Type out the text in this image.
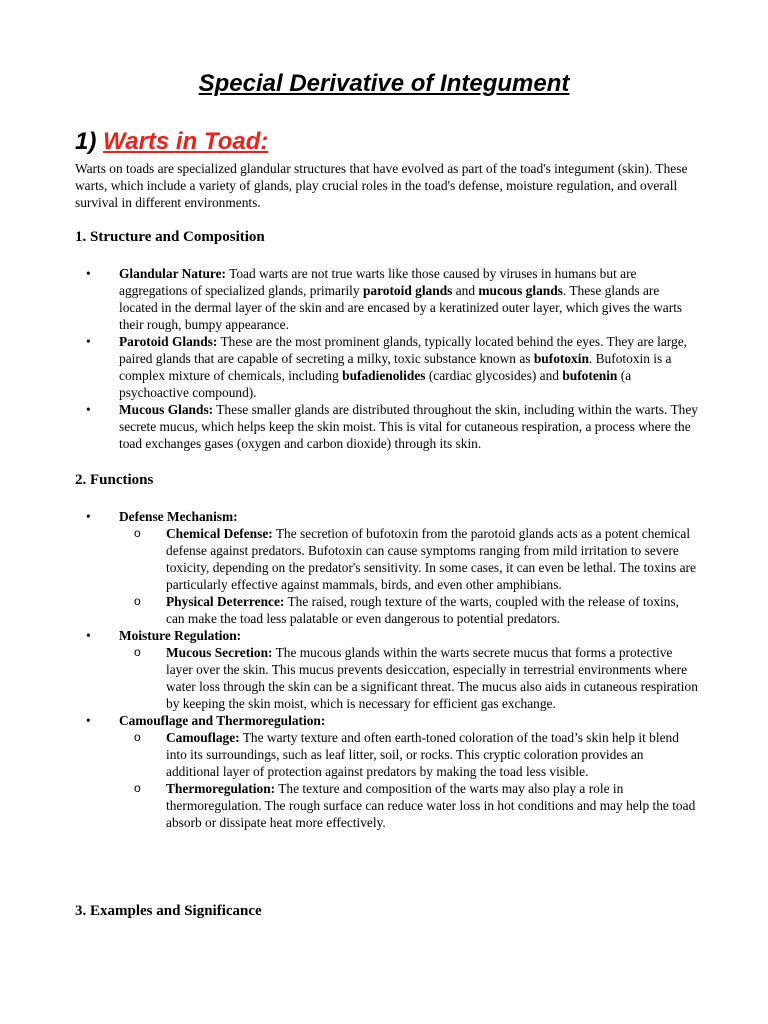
Special Derivative of Integument
1) Warts in Toad:

Warts on toads are specialized glandular structures that have evolved as part of the toad's integument (skin). These warts, which include a variety of glands, play crucial roles in the toad's defense, moisture regulation, and overall survival in different environments.

1. Structure and Composition
• Glandular Nature: Toad warts are not true warts like those caused by viruses in humans but are aggregations of specialized glands, primarily parotoid glands and mucous glands. These glands are located in the dermal layer of the skin and are encased by a keratinized outer layer, which gives the warts their rough, bumpy appearance.
• Parotoid Glands: These are the most prominent glands, typically located behind the eyes. They are large, paired glands that are capable of secreting a milky, toxic substance known as bufotoxin. Bufotoxin is a complex mixture of chemicals, including bufadienolides (cardiac glycosides) and bufotenin (a psychoactive compound).
• Mucous Glands: These smaller glands are distributed throughout the skin, including within the warts. They secrete mucus, which helps keep the skin moist. This is vital for cutaneous respiration, a process where the toad exchanges gases (oxygen and carbon dioxide) through its skin.
2. Functions
• Defense Mechanism:
o Chemical Defense: The secretion of bufotoxin from the parotoid glands acts as a potent chemical defense against predators. Bufotoxin can cause symptoms ranging from mild irritation to severe toxicity, depending on the predator's sensitivity. In some cases, it can even be lethal. The toxins are particularly effective against mammals, birds, and even other amphibians.
o Physical Deterrence: The raised, rough texture of the warts, coupled with the release of toxins, can make the toad less palatable or even dangerous to potential predators.
• Moisture Regulation:
o Mucous Secretion: The mucous glands within the warts secrete mucus that forms a protective layer over the skin. This mucus prevents desiccation, especially in terrestrial environments where water loss through the skin can be a significant threat. The mucus also aids in cutaneous respiration by keeping the skin moist, which is necessary for efficient gas exchange.
• Camouflage and Thermoregulation:
o Camouflage: The warty texture and often earth-toned coloration of the toad’s skin help it blend into its surroundings, such as leaf litter, soil, or rocks. This cryptic coloration provides an additional layer of protection against predators by making the toad less visible.
o Thermoregulation: The texture and composition of the warts may also play a role in thermoregulation. The rough surface can reduce water loss in hot conditions and may help the toad absorb or dissipate heat more effectively.
3. Examples and Significance
